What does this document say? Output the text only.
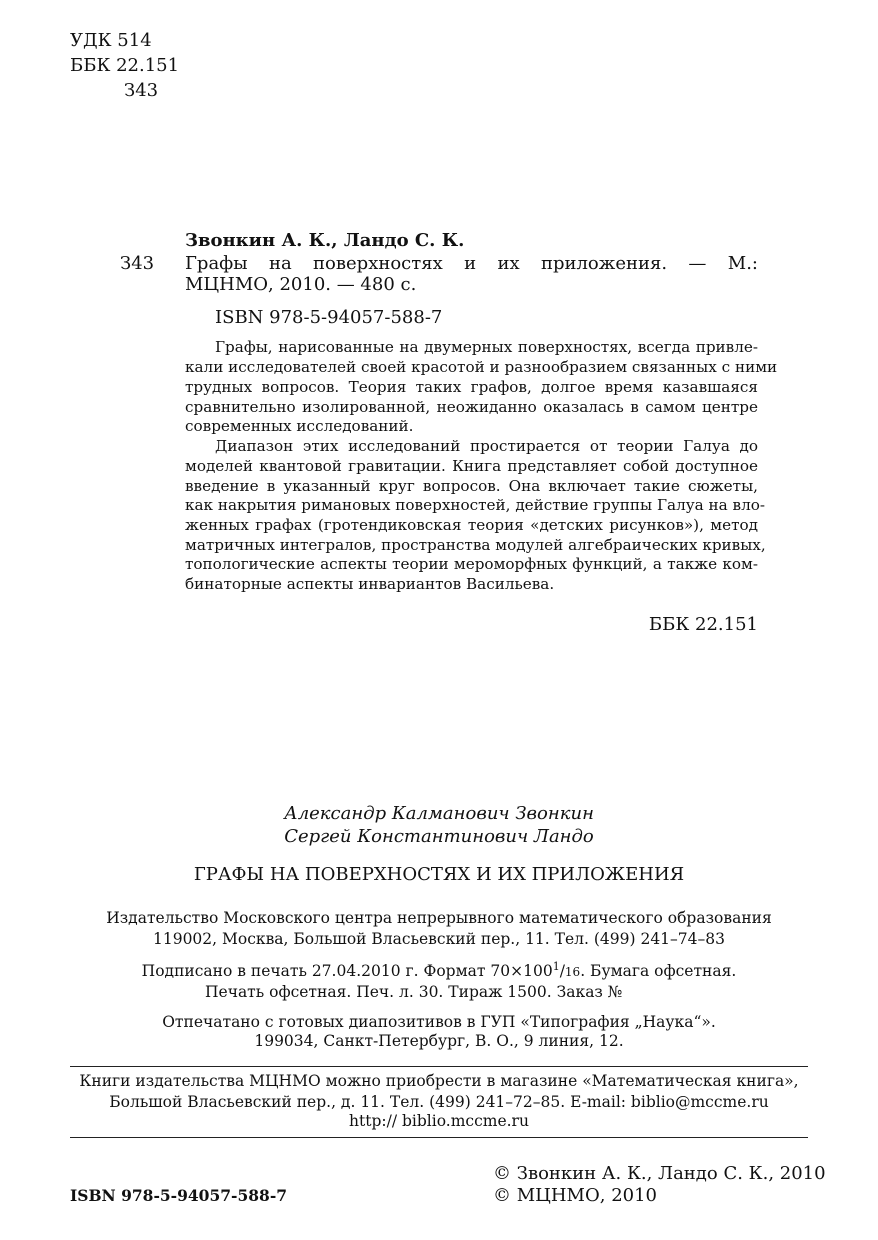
УДК 514
ББК 22.151
З43
Звонкин А. К., Ландо С. К.
З43 Графы на поверхностях и их приложения. — М.:
МЦНМО, 2010. — 480 с.
ISBN 978-5-94057-588-7
Графы, нарисованные на двумерных поверхностях, всегда привле-
кали исследователей своей красотой и разнообразием связанных с ними
трудных вопросов. Теория таких графов, долгое время казавшаяся
сравнительно изолированной, неожиданно оказалась в самом центре
современных исследований.
Диапазон этих исследований простирается от теории Галуа до
моделей квантовой гравитации. Книга представляет собой доступное
введение в указанный круг вопросов. Она включает такие сюжеты,
как накрытия римановых поверхностей, действие группы Галуа на вло-
женных графах (гротендиковская теория «детских рисунков»), метод
матричных интегралов, пространства модулей алгебраических кривых,
топологические аспекты теории мероморфных функций, а также ком-
бинаторные аспекты инвариантов Васильева.
ББК 22.151
Александр Калманович Звонкин
Сергей Константинович Ландо
ГРАФЫ НА ПОВЕРХНОСТЯХ И ИХ ПРИЛОЖЕНИЯ
Издательство Московского центра непрерывного математического образования
119002, Москва, Большой Власьевский пер., 11. Тел. (499) 241–74–83
Подписано в печать 27.04.2010 г. Формат $70\times 100^1/16$. Бумага офсетная.
Печать офсетная. Печ. л. 30. Тираж 1500. Заказ №
Отпечатано с готовых диапозитивов в ГУП «Типография „Наука“».
199034, Санкт-Петербург, В. О., 9 линия, 12.
Книги издательства МЦНМО можно приобрести в магазине «Математическая книга»,
Большой Власьевский пер., д. 11. Тел. (499) 241–72–85. E-mail: biblio@mccme.ru
http:// biblio.mccme.ru
ISBN 978-5-94057-588-7
© Звонкин А. К., Ландо С. К., 2010
© МЦНМО, 2010
